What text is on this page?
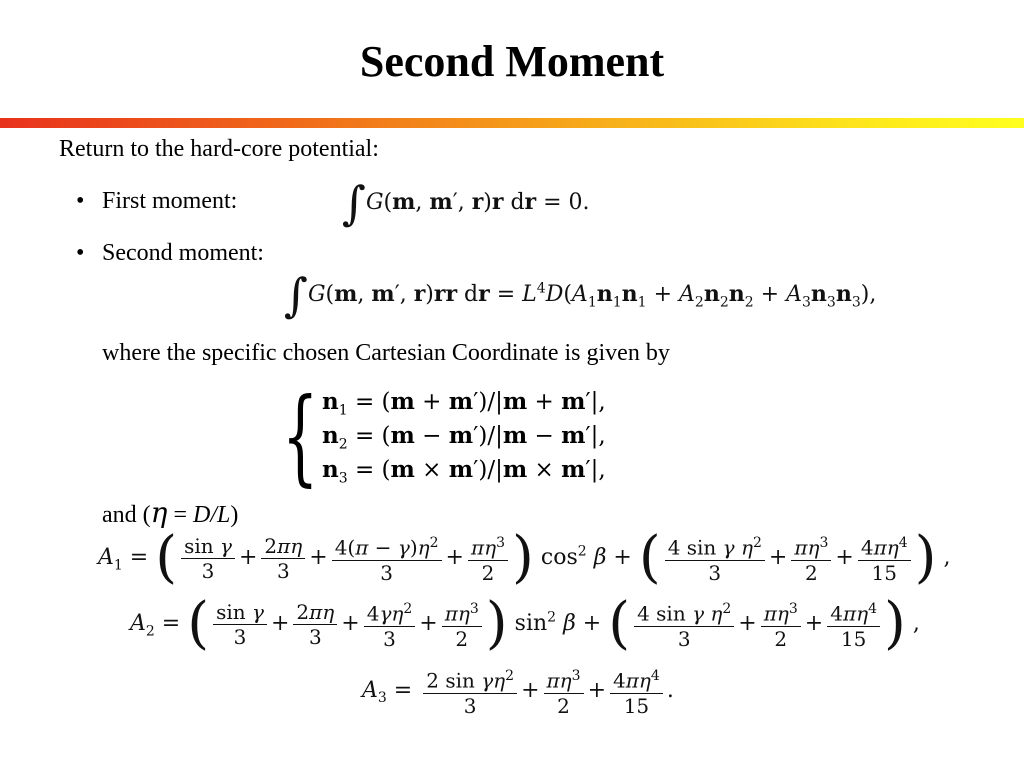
Second Moment
Return to the hard-core potential:
• First moment: ∫G(m, m′, r)r dr = 0.
• Second moment:
∫G(m, m′, r)rr dr = $L^4D(A_1n_1n_1 + A_2n_2n_2 + A_3n_3n_3)$,
where the specific chosen Cartesian Coordinate is given by
{ $n_1 = (m + m')/|m + m'|$,
$n_2 = (m - m')/|m - m'|$,
$n_3 = (m \times m')/|m \times m'|$,
and (η = D/L)
$A_1$ = ( $\frac{\text{sin γ}}{3} + \frac{2\pi\eta}{3} + \frac{4(\pi - \gamma)\eta^2}{3} + \frac{\pi\eta^3}{2}$ ) $\cos^2 \beta$ + ( $\frac{4 \sin \gamma \eta^2}{3} + \frac{\pi\eta^3}{2} + \frac{4\pi\eta^4}{15}$ ) ,
$A_2$ = ( $\frac{\text{sin γ}}{3} + \frac{2\pi\eta}{3} + \frac{4\gamma\eta^2}{3} + \frac{\pi\eta^3}{2}$ ) $\sin^2 \beta$ + ( $\frac{4 \sin \gamma \eta^2}{3} + \frac{\pi\eta^3}{2} + \frac{4\pi\eta^4}{15}$ ) ,
$A_3 = \frac{2 \sin \gamma\eta^2}{3} + \frac{\pi\eta^3}{2} + \frac{4\pi\eta^4}{15}$ .
